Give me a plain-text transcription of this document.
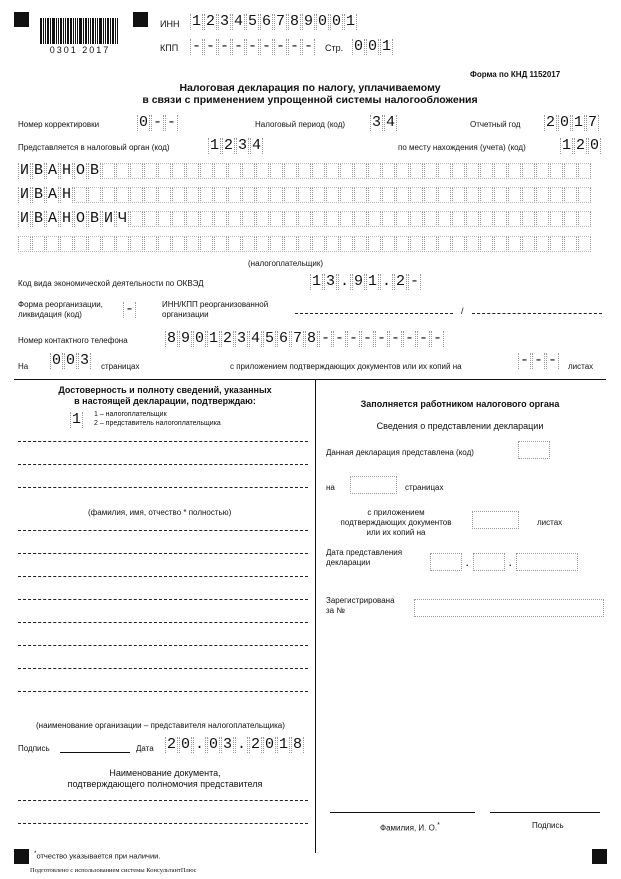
0301 2017
ИНН 1 2 3 4 5 6 7 8 9 0 0 1
КПП - - - - - - - - - Стр. 0 0 1
Форма по КНД 1152017
Налоговая декларация по налогу, уплачиваемому
в связи с применением упрощенной системы налогообложения
Номер корректировки	0 - -	Налоговый период (код) 3 4	Отчетный год 2 0 1 7
Представляется в налоговый орган (код)	1 2 3 4	по месту нахождения (учета) (код) 1 2 0
И В А Н О В
И В А Н
И В А Н О В И Ч
(налогоплательщик)
Код вида экономической деятельности по ОКВЭД	1 3 . 9 1 . 2 -
Форма реорганизации,
ликвидация (код)	-	ИНН/КПП реорганизованной
организации	/
Номер контактного телефона	8 9 0 1 2 3 4 5 6 7 8 - - - - - - - - -
На 0 0 3 страницах	с приложением подтверждающих документов или их копий на	- - - листах
Достоверность и полноту сведений, указанных
в настоящей декларации, подтверждаю:
1 1 – налогоплательщик
2 – представитель налогоплательщика
(фамилия, имя, отчество * полностью)
(наименование организации – представителя налогоплательщика)
Подпись	Дата 2 0 . 0 3 . 2 0 1 8
Наименование документа,
подтверждающего полномочия представителя
Заполняется работником налогового органа
Сведения о представлении декларации
Данная декларация представлена (код)
на	страницах
с приложением
подтверждающих документов
или их копий на
листах
Дата представления
декларации	.	.
Зарегистрирована
за №
Фамилия, И. О.*	Подпись
*отчество указывается при наличии.
Подготовлено с использованием системы КонсультантПлюс
